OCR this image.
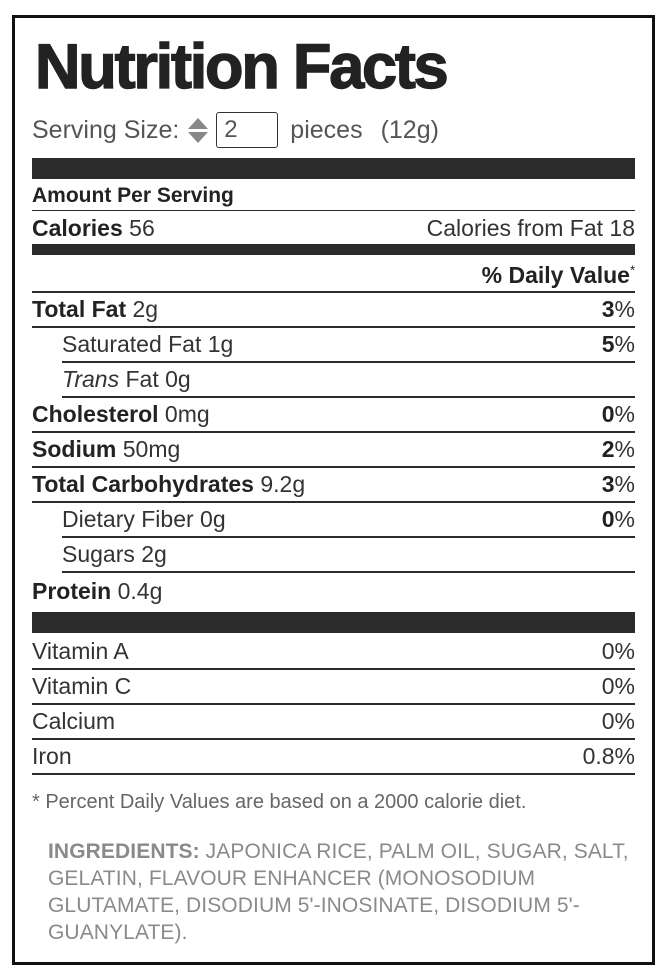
Nutrition Facts
Serving Size:
2	pieces (12g)
Amount Per Serving
Calories 56	Calories from Fat 18
% Daily Value*
Total Fat 2g	3%
Saturated Fat 1g	5%
Trans Fat 0g
Cholesterol 0mg	0%
Sodium 50mg	2%
Total Carbohydrates 9.2g	3%
Dietary Fiber 0g	0%
Sugars 2g
Protein 0.4g
Vitamin A	0%
Vitamin C	0%
Calcium	0%
Iron	0.8%
* Percent Daily Values are based on a 2000 calorie diet.
INGREDIENTS: JAPONICA RICE, PALM OIL, SUGAR, SALT, GELATIN, FLAVOUR ENHANCER (MONOSODIUM GLUTAMATE, DISODIUM 5'-INOSINATE, DISODIUM 5'-GUANYLATE).
